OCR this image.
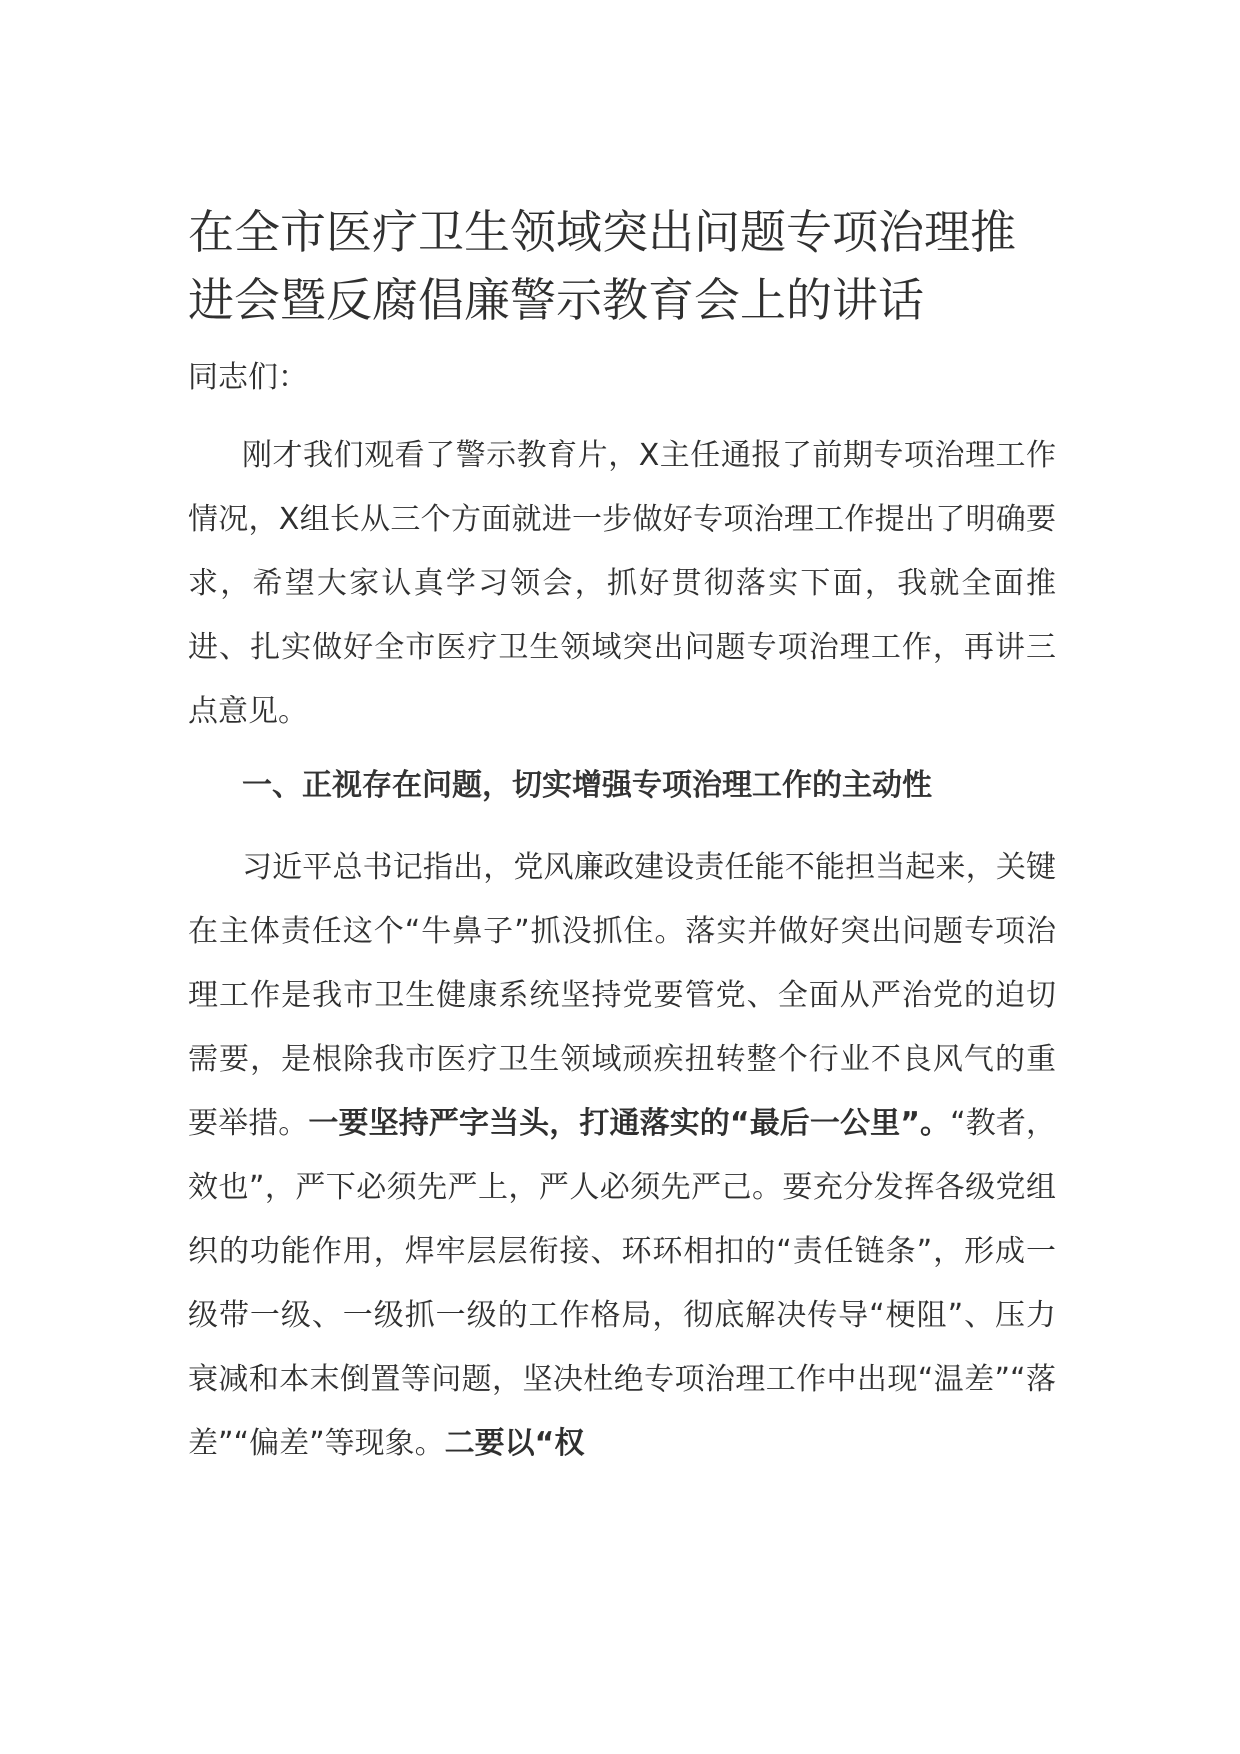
在全市医疗卫生领域突出问题专项治理推进会暨反腐倡廉警示教育会上的讲话

同志们：

刚才我们观看了警示教育片，X主任通报了前期专项治理工作情况，X组长从三个方面就进一步做好专项治理工作提出了明确要求，希望大家认真学习领会，抓好贯彻落实下面，我就全面推进、扎实做好全市医疗卫生领域突出问题专项治理工作，再讲三点意见。

一、正视存在问题，切实增强专项治理工作的主动性

习近平总书记指出，党风廉政建设责任能不能担当起来，关键在主体责任这个“牛鼻子”抓没抓住。落实并做好突出问题专项治理工作是我市卫生健康系统坚持党要管党、全面从严治党的迫切需要，是根除我市医疗卫生领域顽疾扭转整个行业不良风气的重要举措。一要坚持严字当头，打通落实的“最后一公里”。“教者，效也”，严下必须先严上，严人必须先严己。要充分发挥各级党组织的功能作用，焊牢层层衔接、环环相扣的“责任链条”，形成一级带一级、一级抓一级的工作格局，彻底解决传导“梗阻”、压力衰减和本末倒置等问题，坚决杜绝专项治理工作中出现“温差”“落差”“偏差”等现象。二要以“权
